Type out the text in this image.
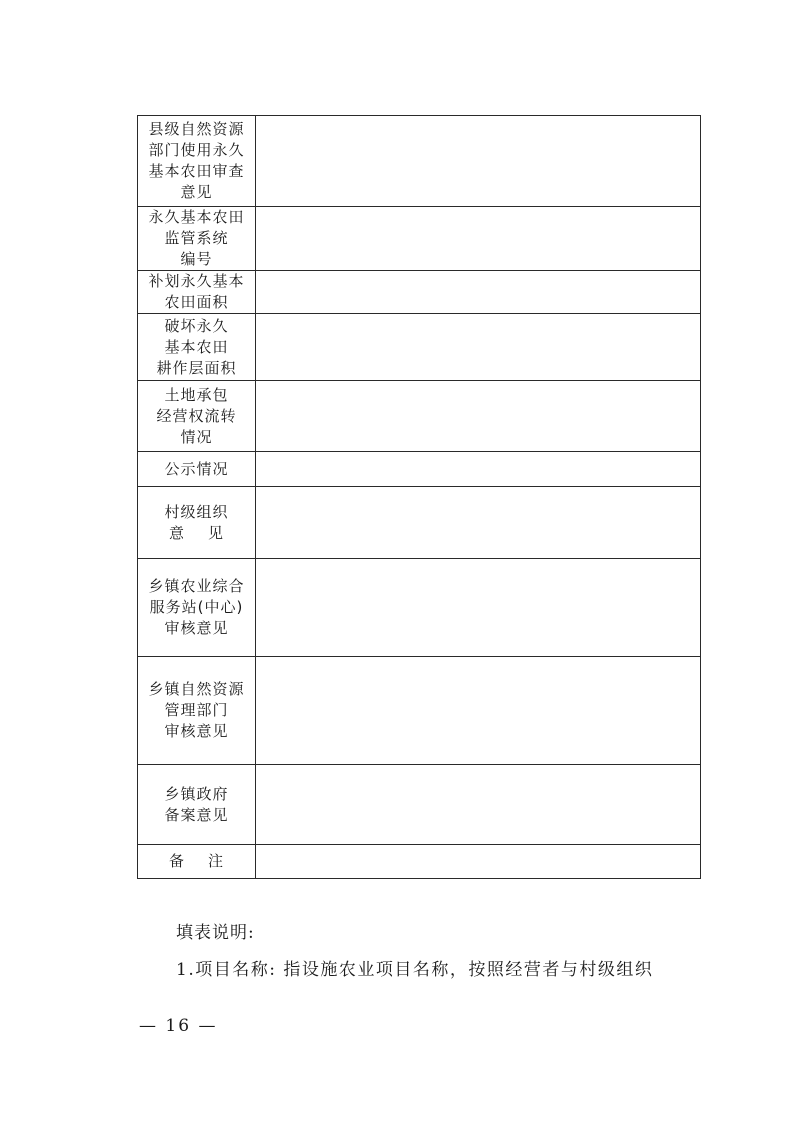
县级自然资源
部门使用永久
基本农田审查
意见	

永久基本农田
监管系统
编号	

补划永久基本
农田面积	

破坏永久
基本农田
耕作层面积	

土地承包
经营权流转
情况	

公示情况	

村级组织
意    见	

乡镇农业综合
服务站(中心)
审核意见	

乡镇自然资源
管理部门
审核意见	

乡镇政府
备案意见	

备    注	

填表说明:
1.项目名称: 指设施农业项目名称，按照经营者与村级组织
— 16 —
